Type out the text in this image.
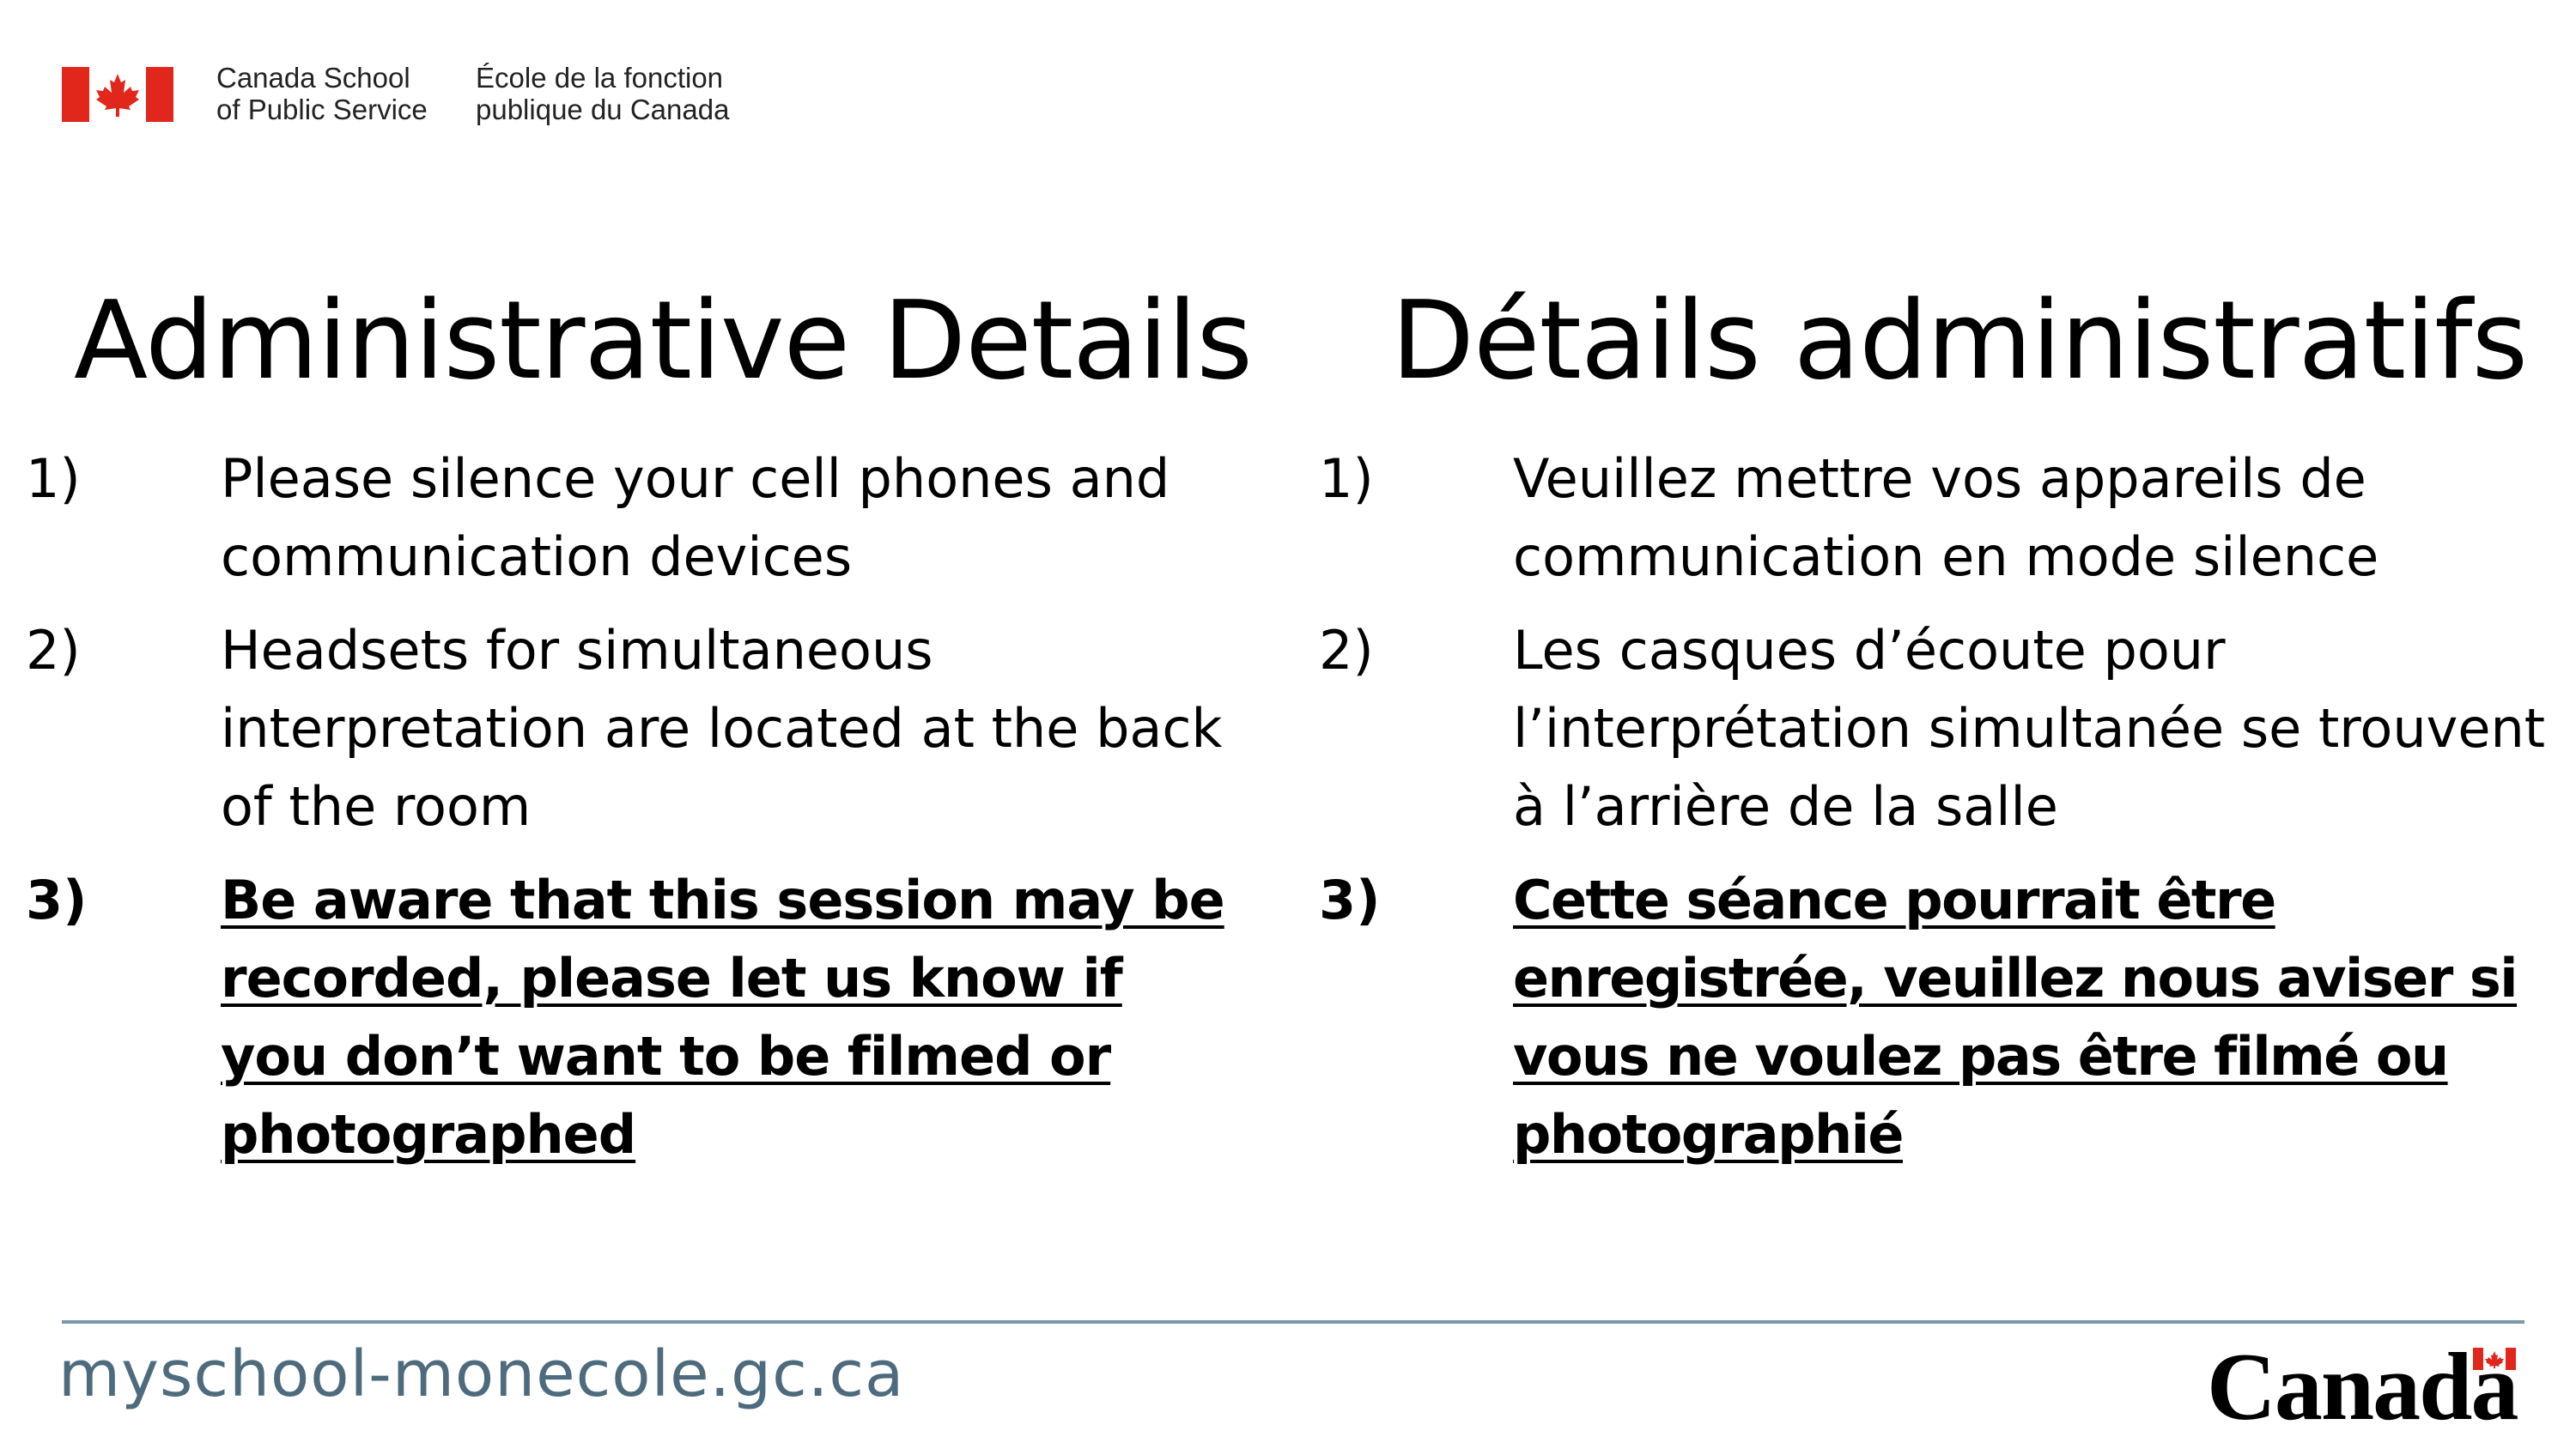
Canada School
of Public Service
École de la fonction
publique du Canada
Administrative Details Détails administratifs
1)	Please silence your cell phones and communication devices
2)	Headsets for simultaneous interpretation are located at the back of the room
3)	Be aware that this session may be recorded, please let us know if you don’t want to be filmed or photographed
1)	Veuillez mettre vos appareils de communication en mode silence
2)	Les casques d’écoute pour l’interprétation simultanée se trouvent à l’arrière de la salle
3) Cette séance pourrait être enregistrée, veuillez nous aviser si vous ne voulez pas être filmé ou photographié
myschool-monecole.gc.ca	Canada
